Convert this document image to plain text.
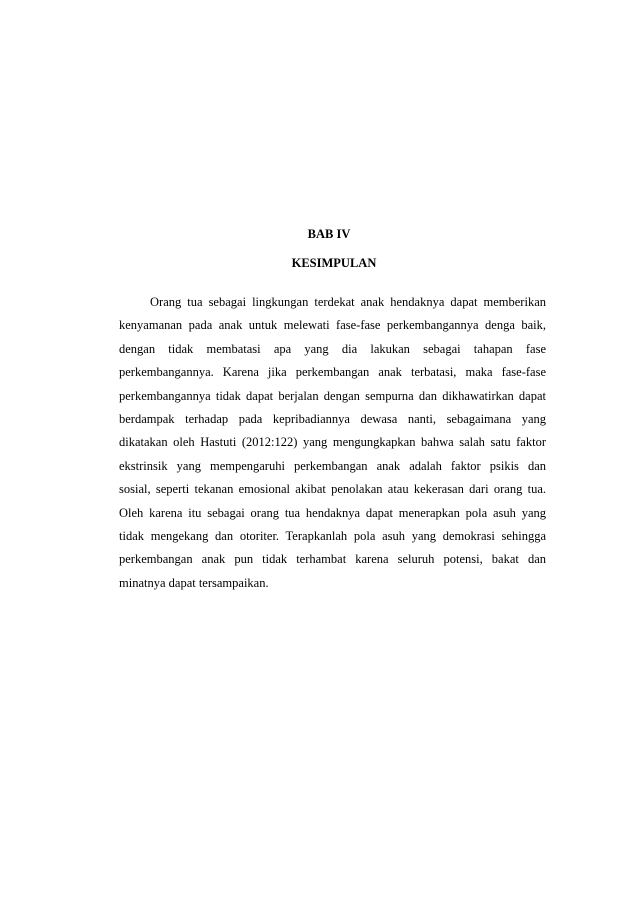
BAB IV
KESIMPULAN
Orang tua sebagai lingkungan terdekat anak hendaknya dapat memberikan
kenyamanan pada anak untuk melewati fase-fase perkembangannya denga baik,
dengan tidak membatasi apa yang dia lakukan sebagai tahapan fase
perkembangannya. Karena jika perkembangan anak terbatasi, maka fase-fase
perkembangannya tidak dapat berjalan dengan sempurna dan dikhawatirkan dapat
berdampak terhadap pada kepribadiannya dewasa nanti, sebagaimana yang
dikatakan oleh Hastuti (2012:122) yang mengungkapkan bahwa salah satu faktor
ekstrinsik yang mempengaruhi perkembangan anak adalah faktor psikis dan
sosial, seperti tekanan emosional akibat penolakan atau kekerasan dari orang tua.
Oleh karena itu sebagai orang tua hendaknya dapat menerapkan pola asuh yang
tidak mengekang dan otoriter. Terapkanlah pola asuh yang demokrasi sehingga
perkembangan anak pun tidak terhambat karena seluruh potensi, bakat dan
minatnya dapat tersampaikan.
